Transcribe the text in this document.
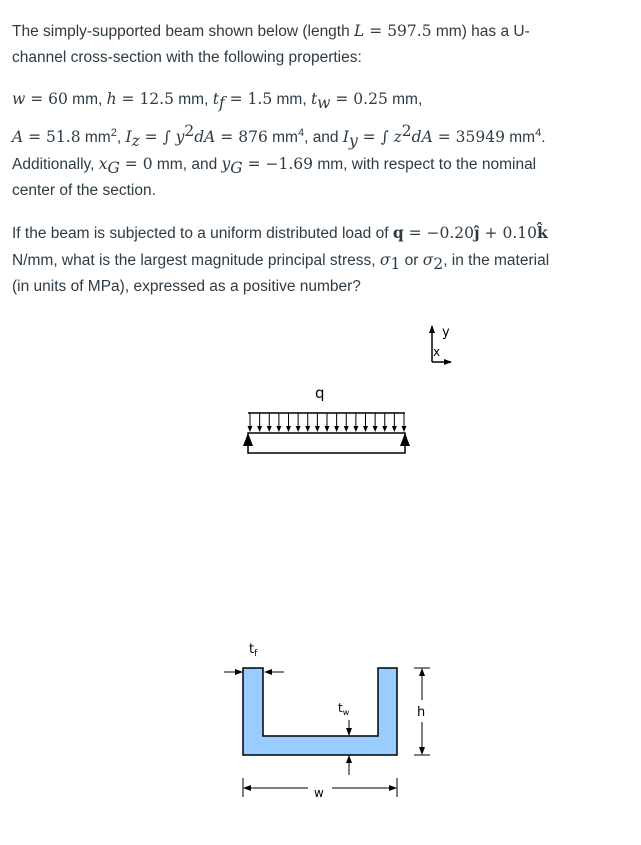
The simply-supported beam shown below (length L = 597.5 mm) has a U-
channel cross-section with the following properties:
w = 60 mm, h = 12.5 mm, $t_f = 1.5$ mm, $t_w = 0.25$ mm,
A = 51.8 $mm^2$, $I_z$ = ∫ $y^2dA = 876$ $mm^4$, and $I_y$ = ∫ $z^2dA = 35949$ $mm^4$.
Additionally, $x_G = 0$ mm, and $y_G = -1.69$ mm, with respect to the nominal
center of the section.
If the beam is subjected to a uniform distributed load of q = −0.20ĵ + 0.10k̂
N/mm, what is the largest magnitude principal stress, $\sigma_1$ or $\sigma_2$, in the material
(in units of MPa), expressed as a positive number?
y
x
q
$t_f$
$t_w$	h
w
